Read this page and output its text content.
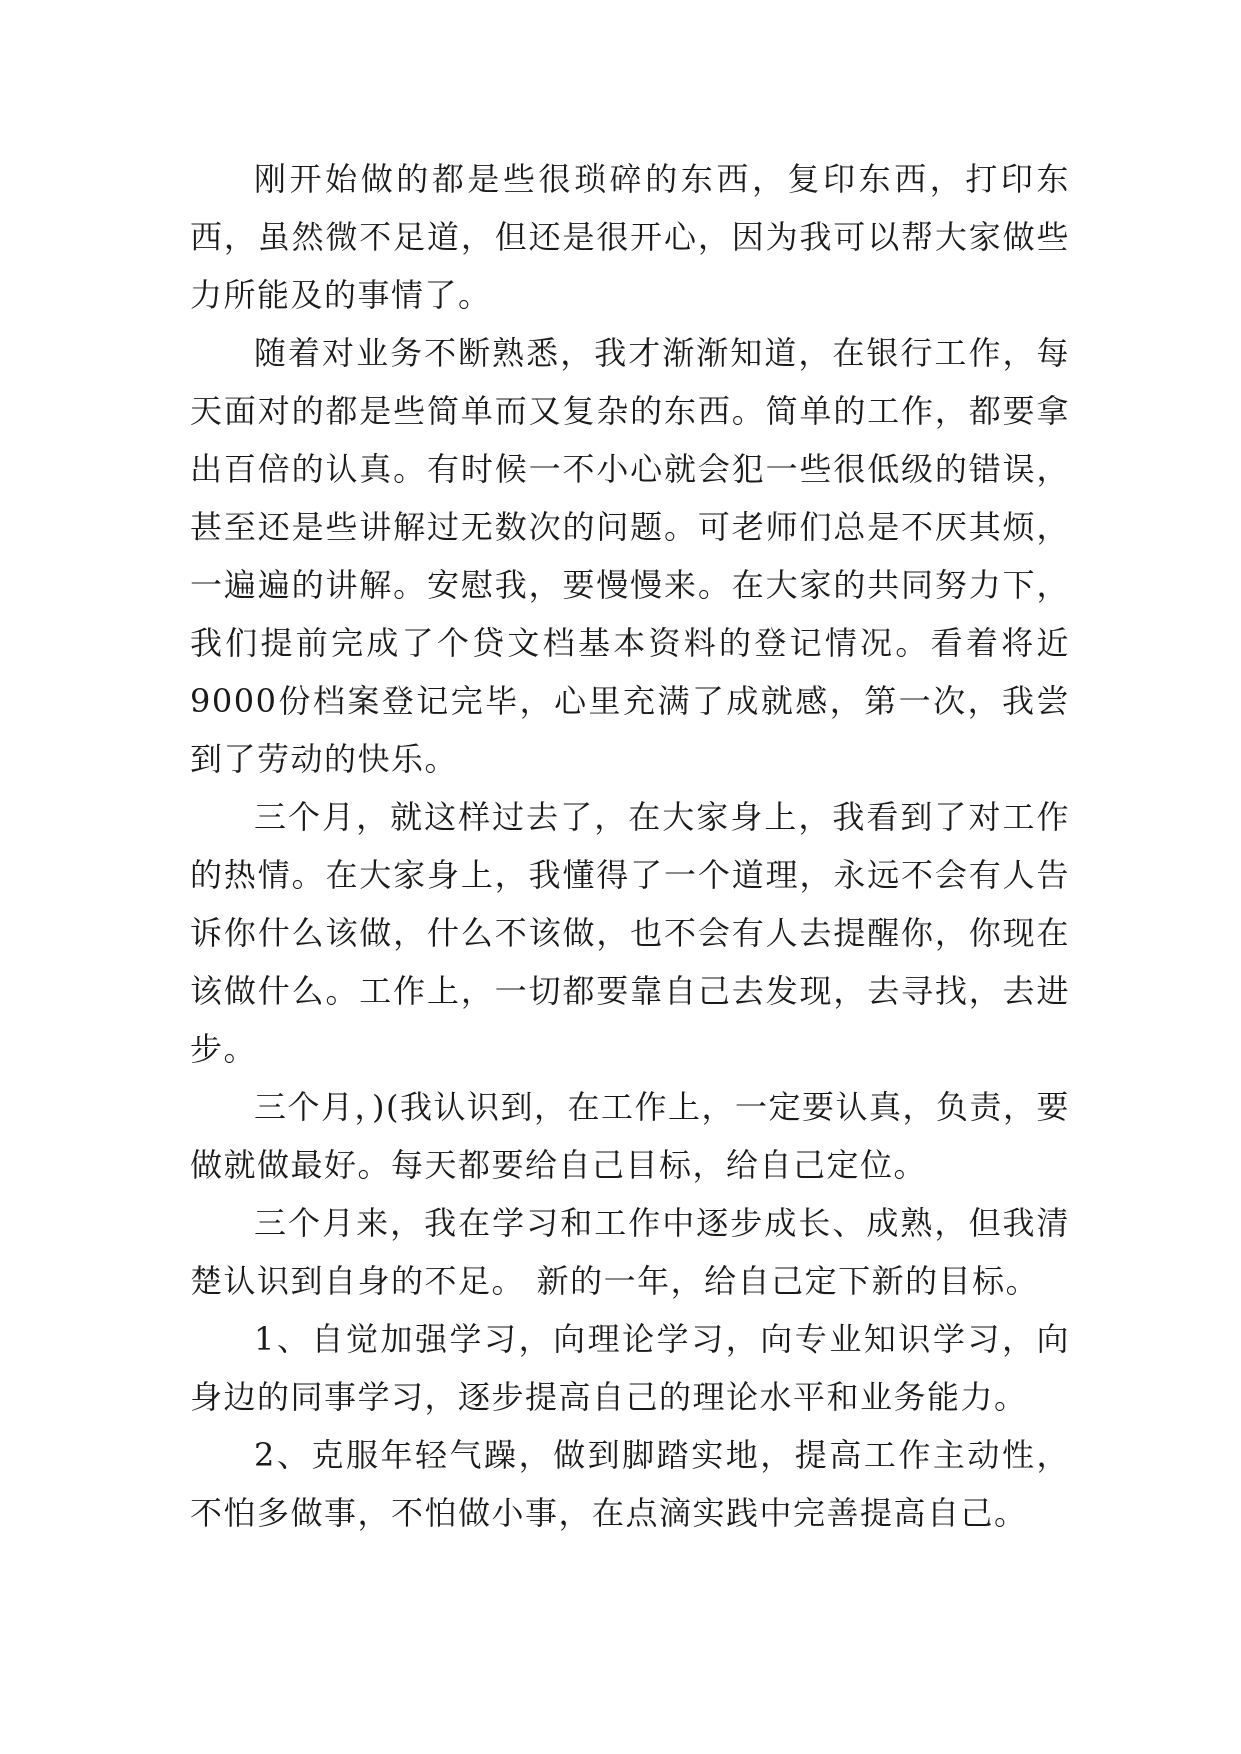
刚开始做的都是些很琐碎的东西，复印东西，打印东西，虽然微不足道，但还是很开心，因为我可以帮大家做些力所能及的事情了。

随着对业务不断熟悉，我才渐渐知道，在银行工作，每天面对的都是些简单而又复杂的东西。简单的工作，都要拿出百倍的认真。有时候一不小心就会犯一些很低级的错误，甚至还是些讲解过无数次的问题。可老师们总是不厌其烦，一遍遍的讲解。安慰我，要慢慢来。在大家的共同努力下，我们提前完成了个贷文档基本资料的登记情况。看着将近9000份档案登记完毕，心里充满了成就感，第一次，我尝到了劳动的快乐。

三个月，就这样过去了，在大家身上，我看到了对工作的热情。在大家身上，我懂得了一个道理，永远不会有人告诉你什么该做，什么不该做，也不会有人去提醒你，你现在该做什么。工作上，一切都要靠自己去发现，去寻找，去进步。

三个月，)(我认识到，在工作上，一定要认真，负责，要做就做最好。每天都要给自己目标，给自己定位。

三个月来，我在学习和工作中逐步成长、成熟，但我清楚认识到自身的不足。 新的一年，给自己定下新的目标。

1、自觉加强学习，向理论学习，向专业知识学习，向身边的同事学习，逐步提高自己的理论水平和业务能力。

2、克服年轻气躁，做到脚踏实地，提高工作主动性，不怕多做事，不怕做小事，在点滴实践中完善提高自己。
